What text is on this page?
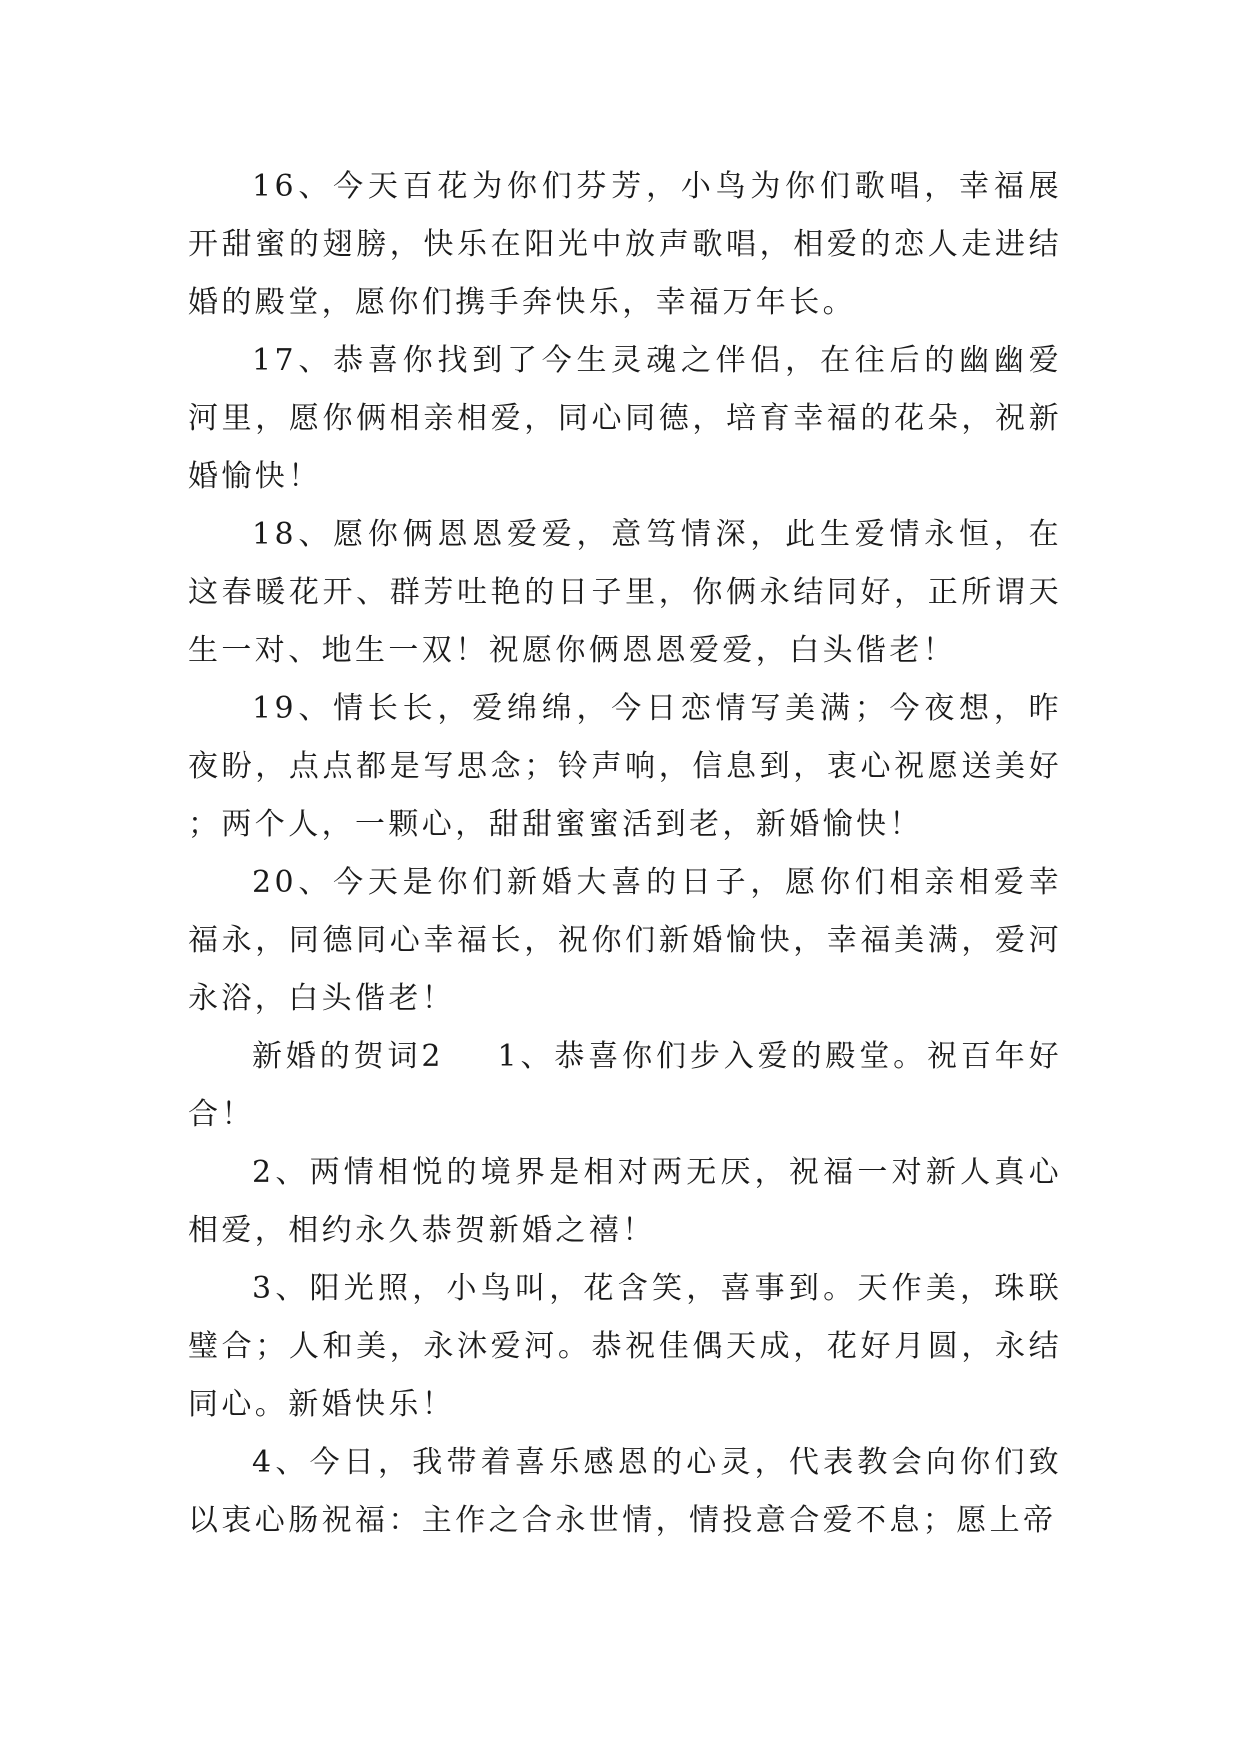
16、今天百花为你们芬芳，小鸟为你们歌唱，幸福展开甜蜜的翅膀，快乐在阳光中放声歌唱，相爱的恋人走进结婚的殿堂，愿你们携手奔快乐，幸福万年长。

17、恭喜你找到了今生灵魂之伴侣，在往后的幽幽爱河里，愿你俩相亲相爱，同心同德，培育幸福的花朵，祝新婚愉快！

18、愿你俩恩恩爱爱，意笃情深，此生爱情永恒，在这春暖花开、群芳吐艳的日子里，你俩永结同好，正所谓天生一对、地生一双！祝愿你俩恩恩爱爱，白头偕老！

19、情长长，爱绵绵，今日恋情写美满；今夜想，昨夜盼，点点都是写思念；铃声响，信息到，衷心祝愿送美好；两个人，一颗心，甜甜蜜蜜活到老，新婚愉快！

20、今天是你们新婚大喜的日子，愿你们相亲相爱幸福永，同德同心幸福长，祝你们新婚愉快，幸福美满，爱河永浴，白头偕老！

新婚的贺词2 1、恭喜你们步入爱的殿堂。祝百年好合！

2、两情相悦的境界是相对两无厌，祝福一对新人真心相爱，相约永久恭贺新婚之禧！

3、阳光照，小鸟叫，花含笑，喜事到。天作美，珠联璧合；人和美，永沐爱河。恭祝佳偶天成，花好月圆，永结同心。新婚快乐！

4、今日，我带着喜乐感恩的心灵，代表教会向你们致以衷心肠祝福：主作之合永世情，情投意合爱不息；愿上帝
